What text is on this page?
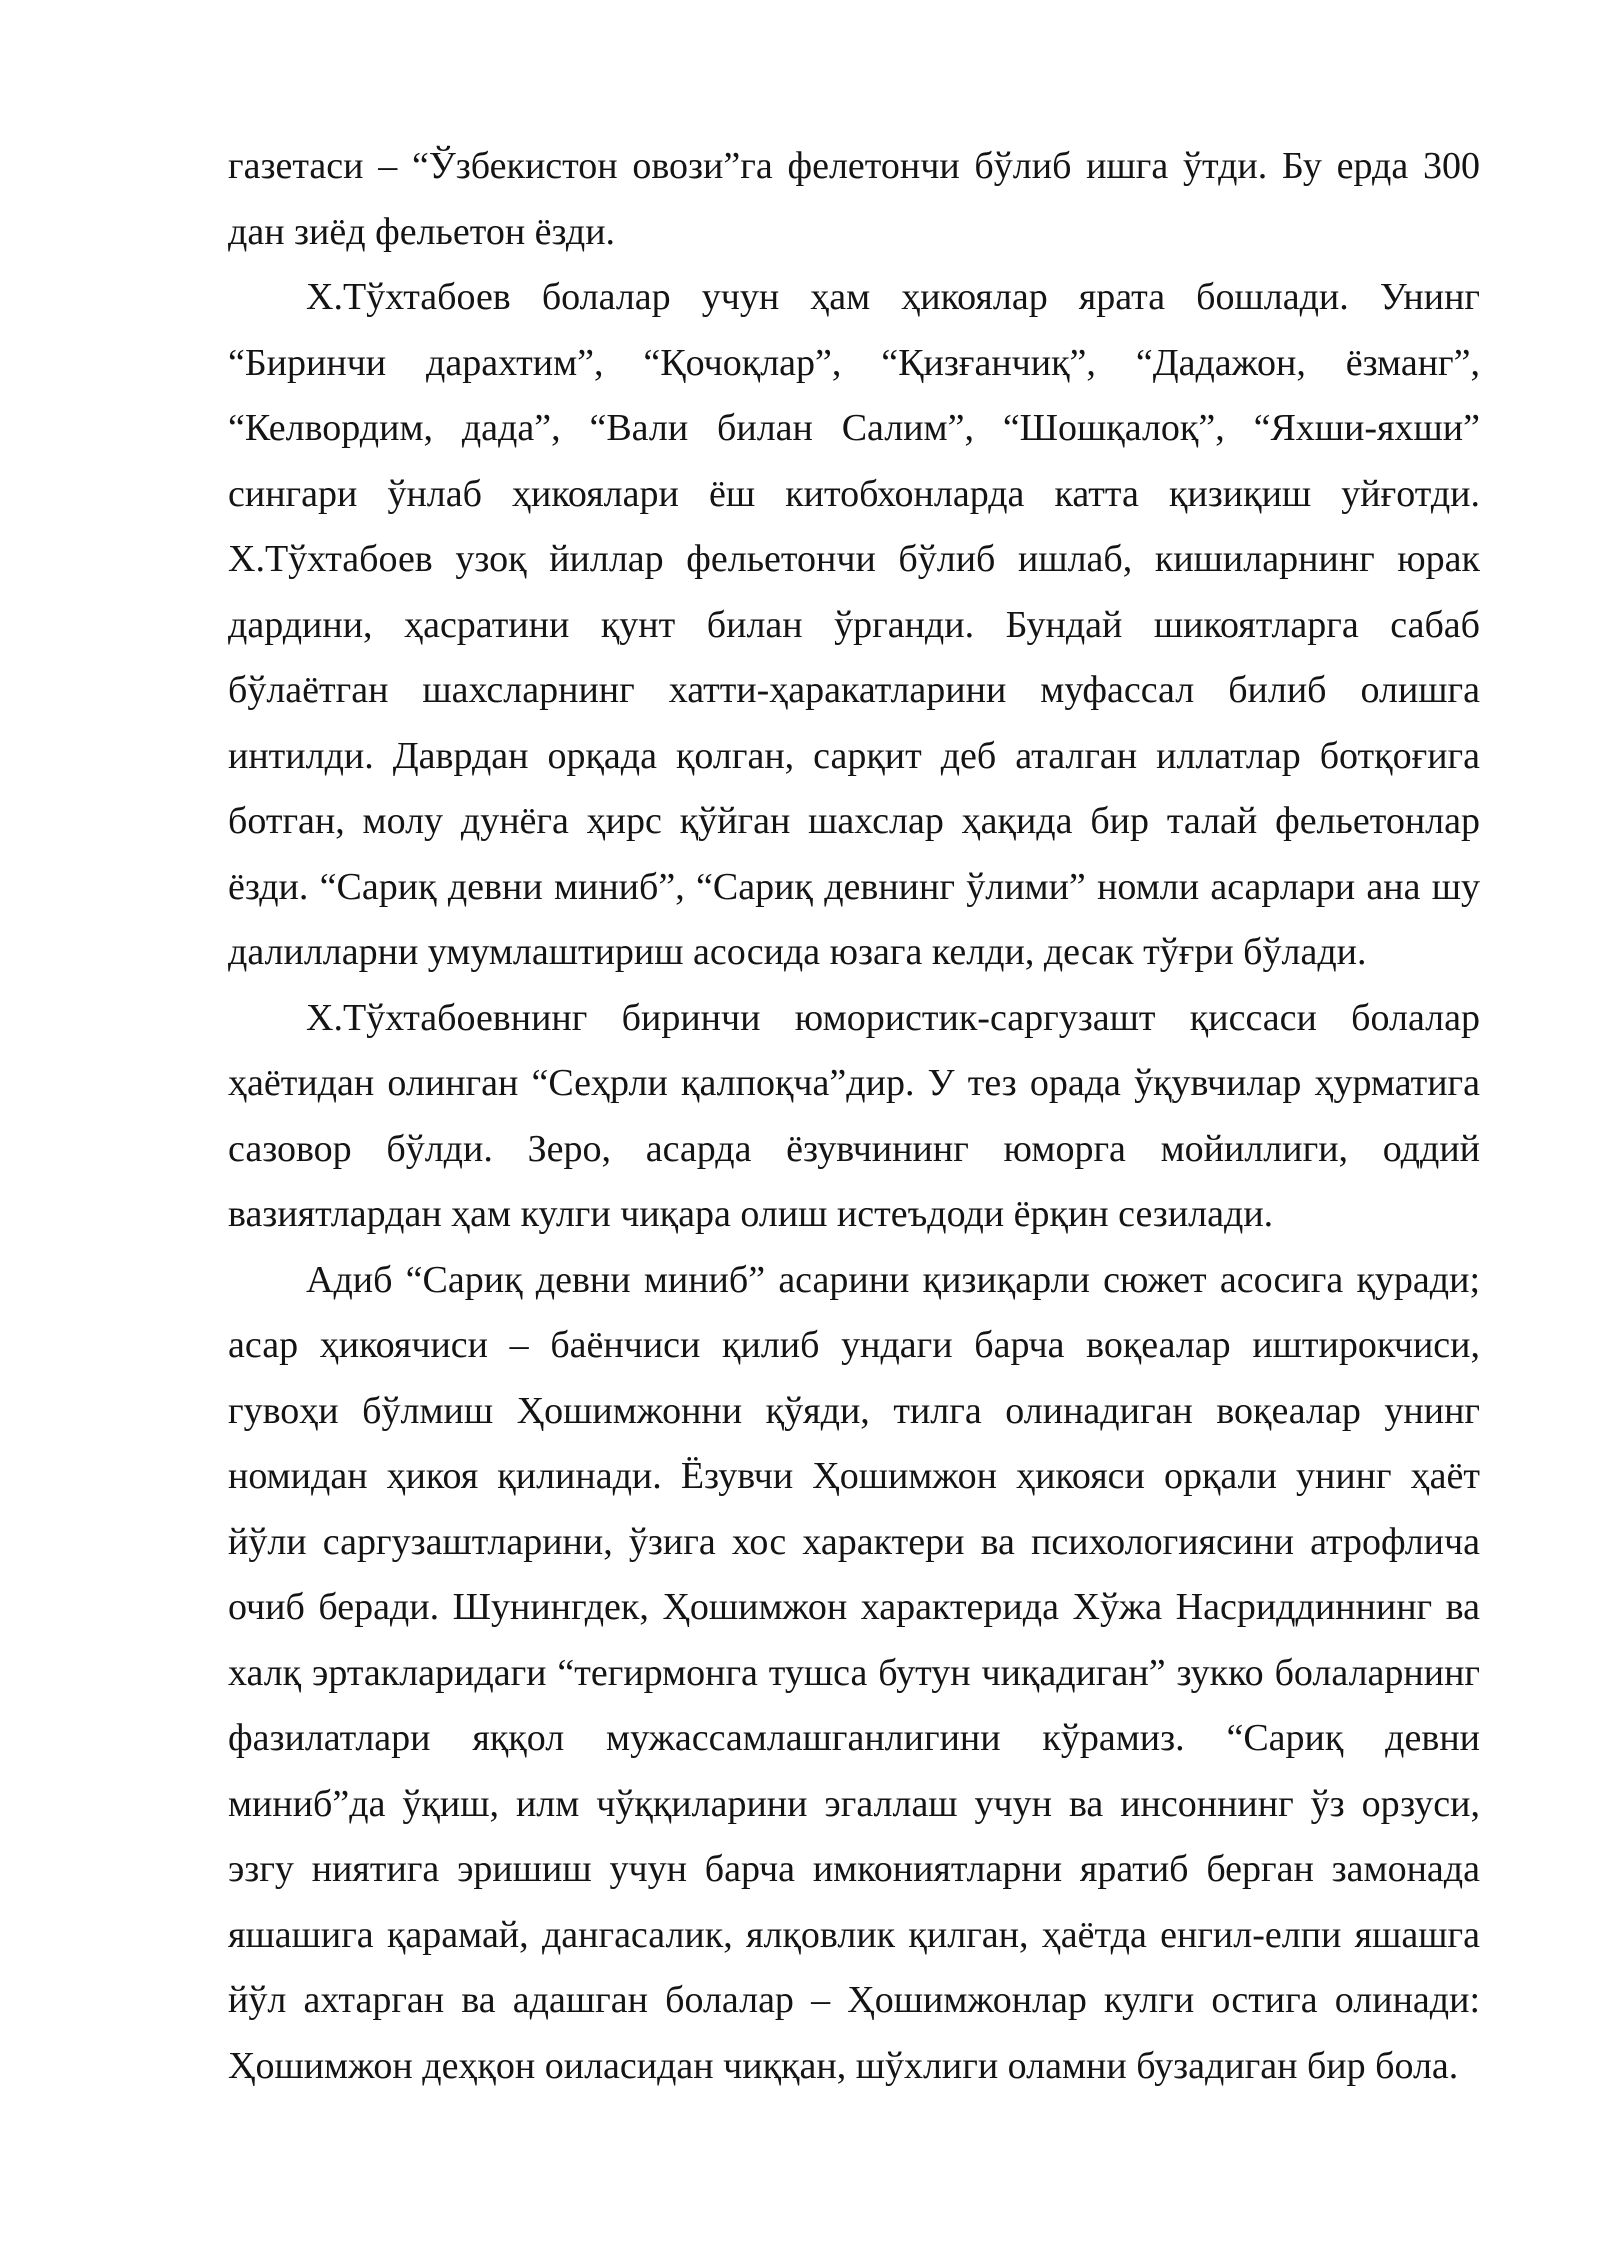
газетаси – “Ўзбекистон овози”га фелетончи бўлиб ишга ўтди. Бу ерда 300 дан зиёд фельетон ёзди.

Х.Тўхтабоев болалар учун ҳам ҳикоялар ярата бошлади. Унинг “Биринчи дарахтим”, “Қочоқлар”, “Қизғанчиқ”, “Дадажон, ёзманг”, “Келвордим, дада”, “Вали билан Салим”, “Шошқалоқ”, “Яхши-яхши” сингари ўнлаб ҳикоялари ёш китобхонларда катта қизиқиш уйғотди. Х.Тўхтабоев узоқ йиллар фельетончи бўлиб ишлаб, кишиларнинг юрак дардини, ҳасратини қунт билан ўрганди. Бундай шикоятларга сабаб бўлаётган шахсларнинг хатти-ҳаракатларини муфассал билиб олишга интилди. Даврдан орқада қолган, сарқит деб аталган иллатлар ботқоғига ботган, молу дунёга ҳирс қўйган шахслар ҳақида бир талай фельетонлар ёзди. “Сариқ девни миниб”, “Сариқ девнинг ўлими” номли асарлари ана шу далилларни умумлаштириш асосида юзага келди, десак тўғри бўлади.

Х.Тўхтабоевнинг биринчи юмористик-саргузашт қиссаси болалар ҳаётидан олинган “Сеҳрли қалпоқча”дир. У тез орада ўқувчилар ҳурматига сазовор бўлди. Зеро, асарда ёзувчининг юморга мойиллиги, оддий вазиятлардан ҳам кулги чиқара олиш истеъдоди ёрқин сезилади.

Адиб “Сариқ девни миниб” асарини қизиқарли сюжет асосига қуради; асар ҳикоячиси – баёнчиси қилиб ундаги барча воқеалар иштирокчиси, гувоҳи бўлмиш Ҳошимжонни қўяди, тилга олинадиган воқеалар унинг номидан ҳикоя қилинади. Ёзувчи Ҳошимжон ҳикояси орқали унинг ҳаёт йўли саргузаштларини, ўзига хос характери ва психологиясини атрофлича очиб беради. Шунингдек, Ҳошимжон характерида Хўжа Насриддиннинг ва халқ эртакларидаги “тегирмонга тушса бутун чиқадиган” зукко болаларнинг фазилатлари яққол мужассамлашганлигини кўрамиз. “Сариқ девни миниб”да ўқиш, илм чўққиларини эгаллаш учун ва инсоннинг ўз орзуси, эзгу ниятига эришиш учун барча имкониятларни яратиб берган замонада яшашига қарамай, дангасалик, ялқовлик қилган, ҳаётда енгил-елпи яшашга йўл ахтарган ва адашган болалар – Ҳошимжонлар кулги остига олинади: Ҳошимжон деҳқон оиласидан чиққан, шўхлиги оламни бузадиган бир бола.
